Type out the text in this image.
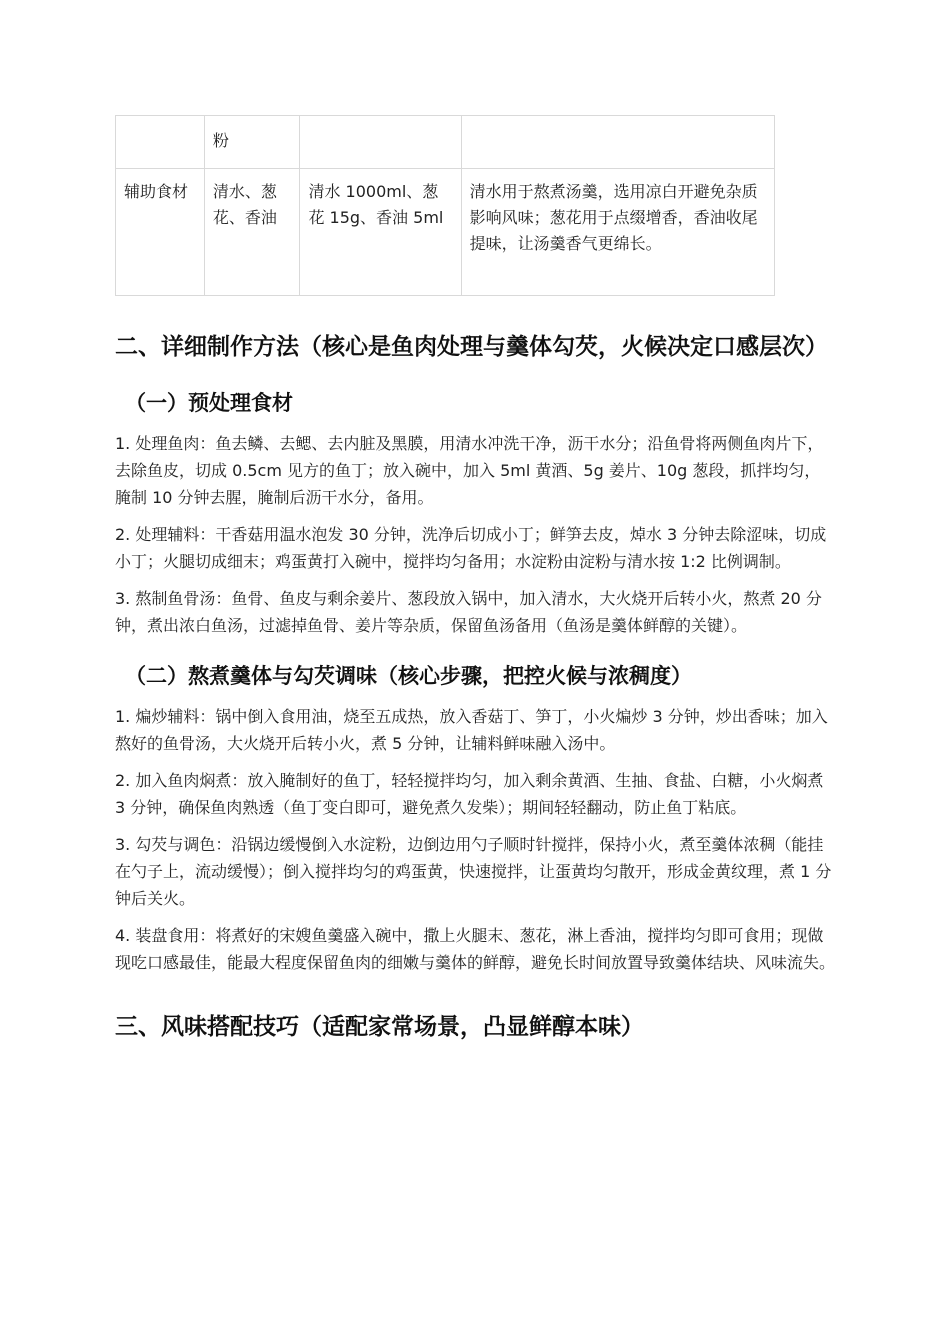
	粉		
辅助食材	清水、葱花、香油	清水 1000ml、葱花 15g、香油 5ml	清水用于熬煮汤羹，选用凉白开避免杂质影响风味；葱花用于点缀增香，香油收尾提味，让汤羹香气更绵长。
二、详细制作方法（核心是鱼肉处理与羹体勾芡，火候决定口感层次）
（一）预处理食材

1. 处理鱼肉：鱼去鳞、去鳃、去内脏及黑膜，用清水冲洗干净，沥干水分；沿鱼骨将两侧鱼肉片下，去除鱼皮，切成 0.5cm 见方的鱼丁；放入碗中，加入 5ml 黄酒、5g 姜片、10g 葱段，抓拌均匀，腌制 10 分钟去腥，腌制后沥干水分，备用。

2. 处理辅料：干香菇用温水泡发 30 分钟，洗净后切成小丁；鲜笋去皮，焯水 3 分钟去除涩味，切成小丁；火腿切成细末；鸡蛋黄打入碗中，搅拌均匀备用；水淀粉由淀粉与清水按 1:2 比例调制。

3. 熬制鱼骨汤：鱼骨、鱼皮与剩余姜片、葱段放入锅中，加入清水，大火烧开后转小火，熬煮 20 分钟，煮出浓白鱼汤，过滤掉鱼骨、姜片等杂质，保留鱼汤备用（鱼汤是羹体鲜醇的关键）。

（二）熬煮羹体与勾芡调味（核心步骤，把控火候与浓稠度）

1. 煸炒辅料：锅中倒入食用油，烧至五成热，放入香菇丁、笋丁，小火煸炒 3 分钟，炒出香味；加入熬好的鱼骨汤，大火烧开后转小火，煮 5 分钟，让辅料鲜味融入汤中。

2. 加入鱼肉焖煮：放入腌制好的鱼丁，轻轻搅拌均匀，加入剩余黄酒、生抽、食盐、白糖，小火焖煮 3 分钟，确保鱼肉熟透（鱼丁变白即可，避免煮久发柴）；期间轻轻翻动，防止鱼丁粘底。

3. 勾芡与调色：沿锅边缓慢倒入水淀粉，边倒边用勺子顺时针搅拌，保持小火，煮至羹体浓稠（能挂在勺子上，流动缓慢）；倒入搅拌均匀的鸡蛋黄，快速搅拌，让蛋黄均匀散开，形成金黄纹理，煮 1 分钟后关火。

4. 装盘食用：将煮好的宋嫂鱼羹盛入碗中，撒上火腿末、葱花，淋上香油，搅拌均匀即可食用；现做现吃口感最佳，能最大程度保留鱼肉的细嫩与羹体的鲜醇，避免长时间放置导致羹体结块、风味流失。

三、风味搭配技巧（适配家常场景，凸显鲜醇本味）
